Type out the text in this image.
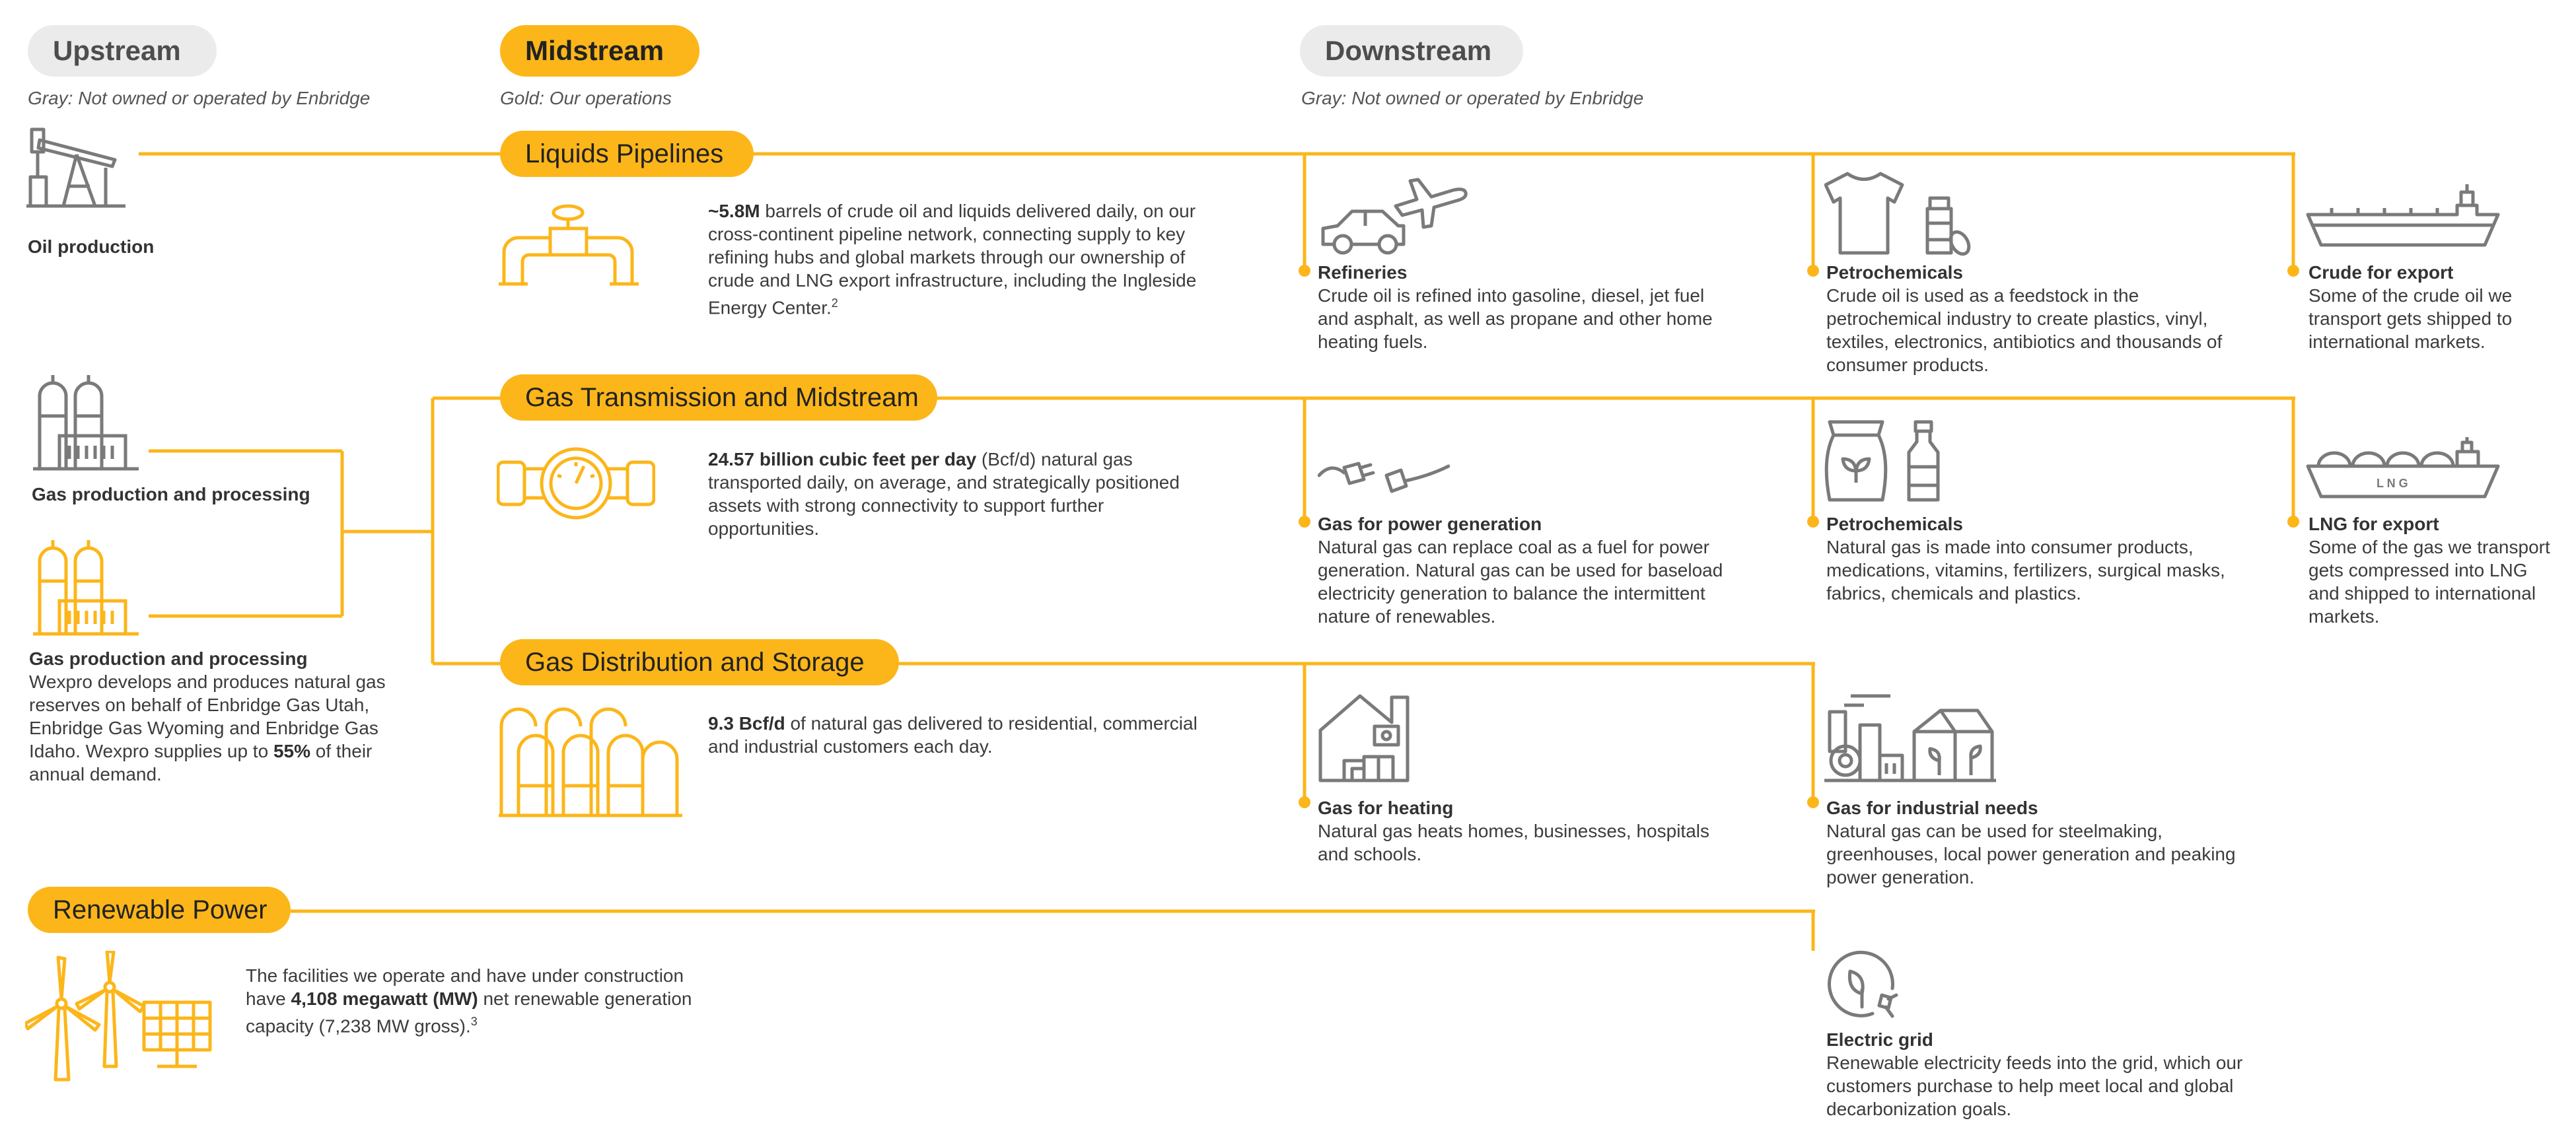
Upstream
Gray: Not owned or operated by Enbridge
Midstream
Gold: Our operations
Downstream
Gray: Not owned or operated by Enbridge
Oil production
Gas production and processing
Gas production and processing
Wexpro develops and produces natural gas reserves on behalf of Enbridge Gas Utah, Enbridge Gas Wyoming and Enbridge Gas Idaho. Wexpro supplies up to 55% of their annual demand.
Liquids Pipelines
~5.8M barrels of crude oil and liquids delivered daily, on our cross-continent pipeline network, connecting supply to key refining hubs and global markets through our ownership of crude and LNG export infrastructure, including the Ingleside Energy Center.$^2$
Gas Transmission and Midstream
24.57 billion cubic feet per day (Bcf/d) natural gas transported daily, on average, and strategically positioned assets with strong connectivity to support further opportunities.
Gas Distribution and Storage
9.3 Bcf/d of natural gas delivered to residential, commercial and industrial customers each day.
Renewable Power
The facilities we operate and have under construction have 4,108 megawatt (MW) net renewable generation capacity (7,238 MW gross).$^3$
Refineries
Crude oil is refined into gasoline, diesel, jet fuel and asphalt, as well as propane and other home heating fuels.
Petrochemicals
Crude oil is used as a feedstock in the petrochemical industry to create plastics, vinyl, textiles, electronics, antibiotics and thousands of consumer products.
Crude for export
Some of the crude oil we transport gets shipped to international markets.
Gas for power generation
Natural gas can replace coal as a fuel for power generation. Natural gas can be used for baseload electricity generation to balance the intermittent nature of renewables.
Petrochemicals
Natural gas is made into consumer products, medications, vitamins, fertilizers, surgical masks, fabrics, chemicals and plastics.
L N G
LNG for export
Some of the gas we transport gets compressed into LNG and shipped to international markets.
Gas for heating
Natural gas heats homes, businesses, hospitals and schools.
Gas for industrial needs
Natural gas can be used for steelmaking, greenhouses, local power generation and peaking power generation.
Electric grid
Renewable electricity feeds into the grid, which our customers purchase to help meet local and global decarbonization goals.
